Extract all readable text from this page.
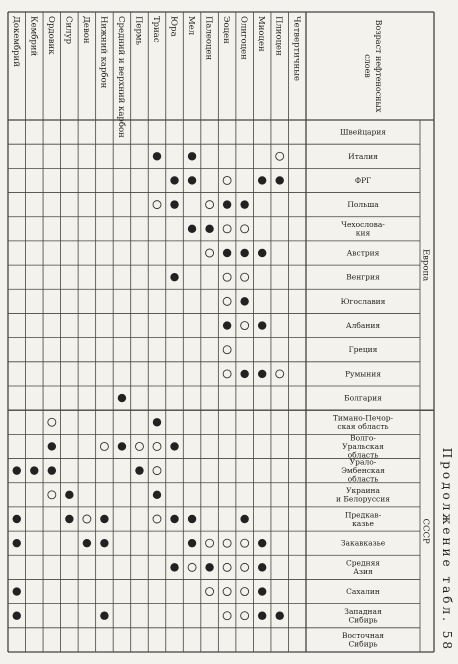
Продолжение табл.

58
Европа
СССР
Возраст нефтеносных
слоев
Швейцария
Италия
ФРГ
Польша
Чехослова-
кия
Австрия
Венгрия
Югославия
Албания
Греция
Румыния
Болгария
Тимано-Печор-
ская область
Волго-
Уральская
область
Урало-
Эмбенская
область
Украина
и Белоруссия
Предкав-
казье
Закавказье
Средняя
Азия
Сахалин
Западная
Сибирь
Восточная
Сибирь
Четвертичные
Плиоцен
Миоцен
Олигоцен
Эоцен
Палеоцен
Мел
Юра
Триас
Пермь
Средний и верхний карбон
Нижний карбон
Девон
Силур
Ордовик
Кембрий
Докембрий
